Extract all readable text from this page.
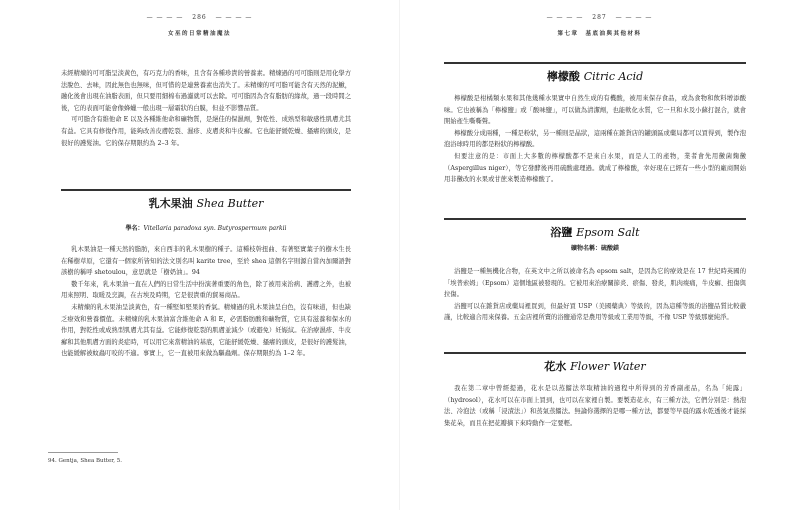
— — — — 286 — — — —
女巫的日常精油魔法

未經精煉的可可脂呈淡黃色，有巧克力的香味，且含有各種珍貴的營養素。精煉過的可可脂則是用化學方法脫色、去味，因此無色也無味，但可惜的是連營養素也消失了。未精煉的可可脂可能含有天然的泥鰍，融化後會出現在油脂表面，但只要用細棉布過濾就可以去除。可可脂因為含有脂肪的緣故，過一段時間之後，它的表面可能會像蜂蠟一般出現一層霜狀的白膜，但並不影響品質。

可可脂含有維他命 E 以及各種維他命和礦物質，是絕佳的保濕劑，對乾性、成熟型和敏感性肌膚尤其有益。它具有修復作用，能夠改善皮膚乾裂、濕疹、皮膚炎和牛皮癬。它也能舒緩乾燥、搔癢的頭皮，是很好的護髮油。它的保存期限約為 2–3 年。

乳木果油 Shea Butter
學名：Vitellaria paradoxa syn. Butyrospermum parkii

乳木果油是一種天然的脂肪，來自西非的乳木果樹的種子。這種枝幹扭曲、有著堅實葉子的樹木生長在稀樹草原，它還有一個家所皆知的法文別名叫 karite tree，至於 shea 這個名字則源自當內加爾語對該樹的稱呼 shetoulou，意思就是「樹奶油」。94

數千年來，乳木果油一直在人們的日常生活中扮演著重要的角色，除了被用來治病、護膚之外，也被用來照明、取暖及烹調，在古埃及時期，它是很貴重的貿易商品。

未精煉的乳木果油呈淡黃色，有一種堅如堅果的香氣。精煉過的乳木果油呈白色，沒有味道，但也缺乏療效和營養價值。未精煉的乳木果油富含維他命 A 和 E，必需脂肪酸和礦物質，它具有滋養和保水的作用，對乾性或成熟型肌膚尤其有益。它能修復乾裂的肌膚並減少（或避免）妊娠紋。在治療濕疹、牛皮癬和其他肌膚方面的炎症時，可以用它來當精油的基底，它能舒緩乾燥、搔癢的頭皮，是很好的護髮油，也能緩解被蚊蟲叮咬的不適。事實上，它一直被用來做為驅蟲劑。保存期限約為 1–2 年。

94. Gentja, Shea Butter, 5.
— — — — 287 — — — —
第七章　基底油與其他材料
檸檬酸 Citric Acid

檸檬酸是柑橘類水果和其他幾種水果實中自然生成的有機酸，被用來保存食品，或為食物和飲料增添酸味。它也被稱為「檸檬鹽」或「酸味鹽」，可以做為清潔劑，也能軟化水質，它一旦和水及小蘇打混合，就會開始產生嘶嘶聲。

檸檬酸分成兩種，一種是粉狀，另一種則是晶狀，這兩種在雜貨店的罐頭區或藥局都可以買得到，製作泡泡浴球時用的都是粉狀的檸檬酸。

但要注意的是：市面上大多數的檸檬酸都不是來自水果，而是人工的產物，業者會先用黴菌麴黴（Aspergillus niger），等它發酵後再用硫酸處理過。就成了檸檬酸，幸好現在已經有一些小型的廠商開始用非黴改的水果或甘蔗來製造檸檬酸了。

浴鹽 Epsom Salt
礦物名稱：硫酸鎂

浴鹽是一種無機化合物，在英文中之所以被命名為 epsom salt，是因為它的療效是在 17 世紀時英國的「埃普索姆」（Epsom）這個地區被發現的。它被用來治療關節炎、瘀傷、發炎，肌肉痠痛，牛皮癬、扭傷與拉傷。

浴鹽可以在雜貨店或藥局裡買到，但最好買 USP（美國藥典）等級的，因為這種等級的浴鹽品質比較嚴謹，比較適合用來保養。五金店裡所賣的浴鹽通常是農用等級或工業用等級，不像 USP 等級那麼純淨。

花水 Flower Water

我在第二章中曾經提過，花水是以蒸餾法萃取精油的過程中所得到的芳香副產品，名為「純露」（hydrosol），花水可以在市面上買到，也可以在家裡自製。要製造花水，有三種方法，它們分別是：熱泡法、冷泡法（或稱「浸漬法」）和蒸氣蒸餾法。無論你選擇的是哪一種方法，都要等早晨的露水乾透後才能採集花朵，而且在把花瓣摘下來時動作一定要輕。
